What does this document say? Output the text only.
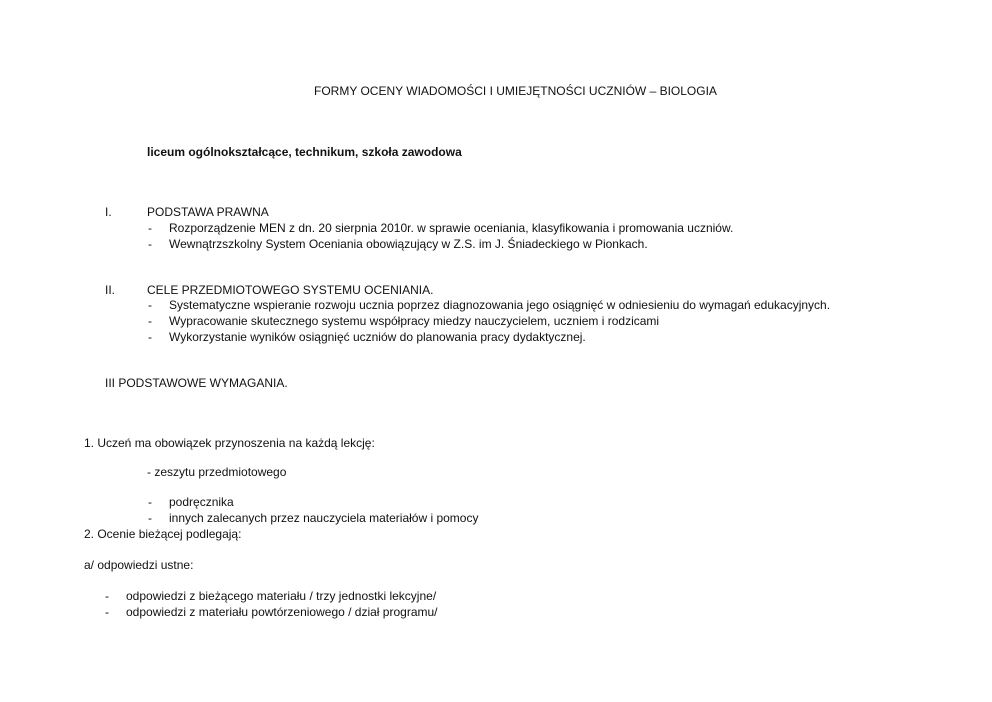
FORMY OCENY WIADOMOŚCI I UMIEJĘTNOŚCI UCZNIÓW – BIOLOGIA
liceum ogólnokształcące, technikum, szkoła zawodowa
I.	PODSTAWA PRAWNA
- Rozporządzenie MEN z dn. 20 sierpnia 2010r. w sprawie oceniania, klasyfikowania i promowania uczniów.
- Wewnątrzszkolny System Oceniania obowiązujący w Z.S. im J. Śniadeckiego w Pionkach.
II.	CELE PRZEDMIOTOWEGO SYSTEMU OCENIANIA.
- Systematyczne wspieranie rozwoju ucznia poprzez diagnozowania jego osiągnięć w odniesieniu do wymagań edukacyjnych.
- Wypracowanie skutecznego systemu współpracy miedzy nauczycielem, uczniem i rodzicami
- Wykorzystanie wyników osiągnięć uczniów do planowania pracy dydaktycznej.
III PODSTAWOWE WYMAGANIA.
1. Uczeń ma obowiązek przynoszenia na każdą lekcję:
- zeszytu przedmiotowego
- podręcznika
- innych zalecanych przez nauczyciela materiałów i pomocy
2. Ocenie bieżącej podlegają:
a/ odpowiedzi ustne:
- odpowiedzi z bieżącego materiału / trzy jednostki lekcyjne/
- odpowiedzi z materiału powtórzeniowego / dział programu/
